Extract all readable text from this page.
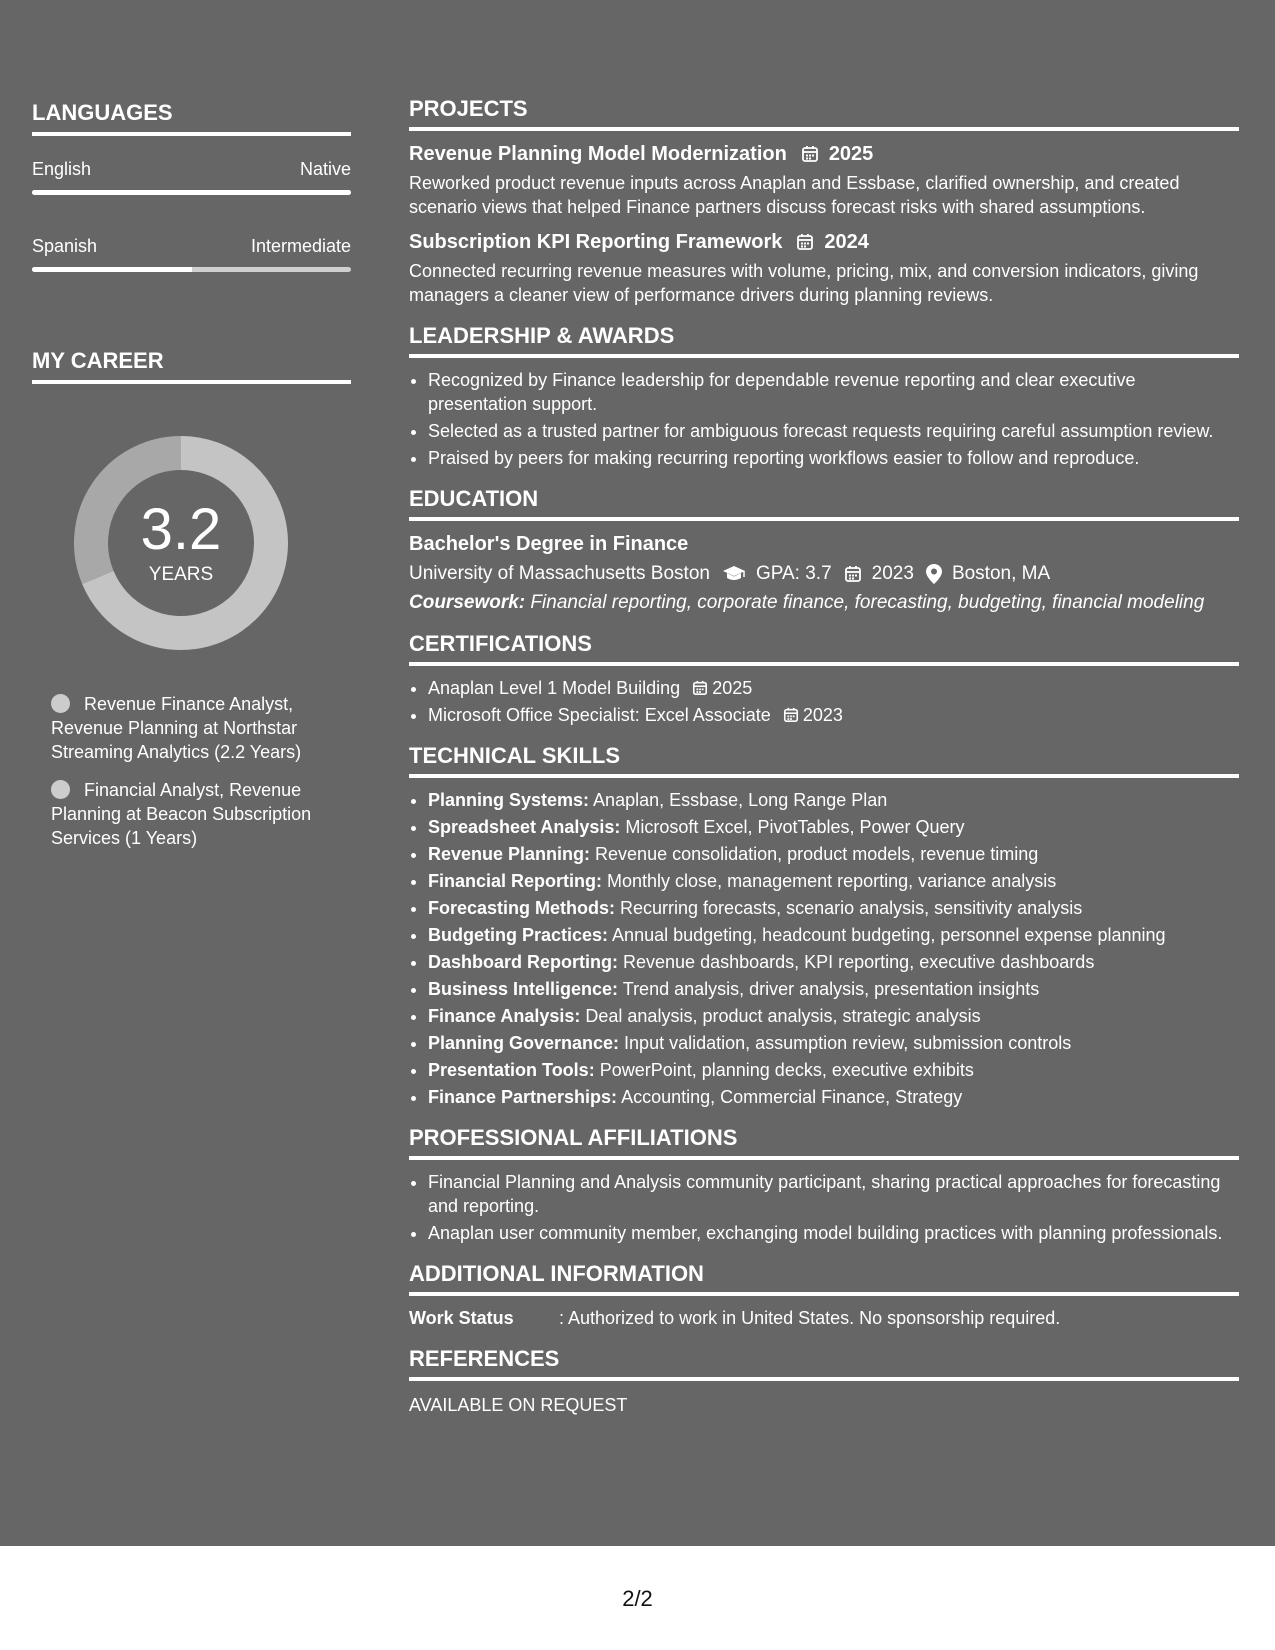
LANGUAGES
English	Native
Spanish	Intermediate
MY CAREER
3.2
YEARS
Revenue Finance Analyst, Revenue Planning at Northstar Streaming Analytics (2.2 Years)
Financial Analyst, Revenue Planning at Beacon Subscription Services (1 Years)
PROJECTS
Revenue Planning Model Modernization 2025
Reworked product revenue inputs across Anaplan and Essbase, clarified ownership, and created scenario views that helped Finance partners discuss forecast risks with shared assumptions.
Subscription KPI Reporting Framework 2024
Connected recurring revenue measures with volume, pricing, mix, and conversion indicators, giving managers a cleaner view of performance drivers during planning reviews.
LEADERSHIP & AWARDS
• Recognized by Finance leadership for dependable revenue reporting and clear executive presentation support.
• Selected as a trusted partner for ambiguous forecast requests requiring careful assumption review.
• Praised by peers for making recurring reporting workflows easier to follow and reproduce.
EDUCATION
Bachelor's Degree in Finance
University of Massachusetts Boston GPA: 3.7 2023 Boston, MA
Coursework: Financial reporting, corporate finance, forecasting, budgeting, financial modeling
CERTIFICATIONS
• Anaplan Level 1 Model Building 2025
• Microsoft Office Specialist: Excel Associate 2023
TECHNICAL SKILLS
• Planning Systems: Anaplan, Essbase, Long Range Plan
• Spreadsheet Analysis: Microsoft Excel, PivotTables, Power Query
• Revenue Planning: Revenue consolidation, product models, revenue timing
• Financial Reporting: Monthly close, management reporting, variance analysis
• Forecasting Methods: Recurring forecasts, scenario analysis, sensitivity analysis
• Budgeting Practices: Annual budgeting, headcount budgeting, personnel expense planning
• Dashboard Reporting: Revenue dashboards, KPI reporting, executive dashboards
• Business Intelligence: Trend analysis, driver analysis, presentation insights
• Finance Analysis: Deal analysis, product analysis, strategic analysis
• Planning Governance: Input validation, assumption review, submission controls
• Presentation Tools: PowerPoint, planning decks, executive exhibits
• Finance Partnerships: Accounting, Commercial Finance, Strategy
PROFESSIONAL AFFILIATIONS
• Financial Planning and Analysis community participant, sharing practical approaches for forecasting and reporting.
• Anaplan user community member, exchanging model building practices with planning professionals.
ADDITIONAL INFORMATION
Work Status	: Authorized to work in United States. No sponsorship required.
REFERENCES
AVAILABLE ON REQUEST
2/2
